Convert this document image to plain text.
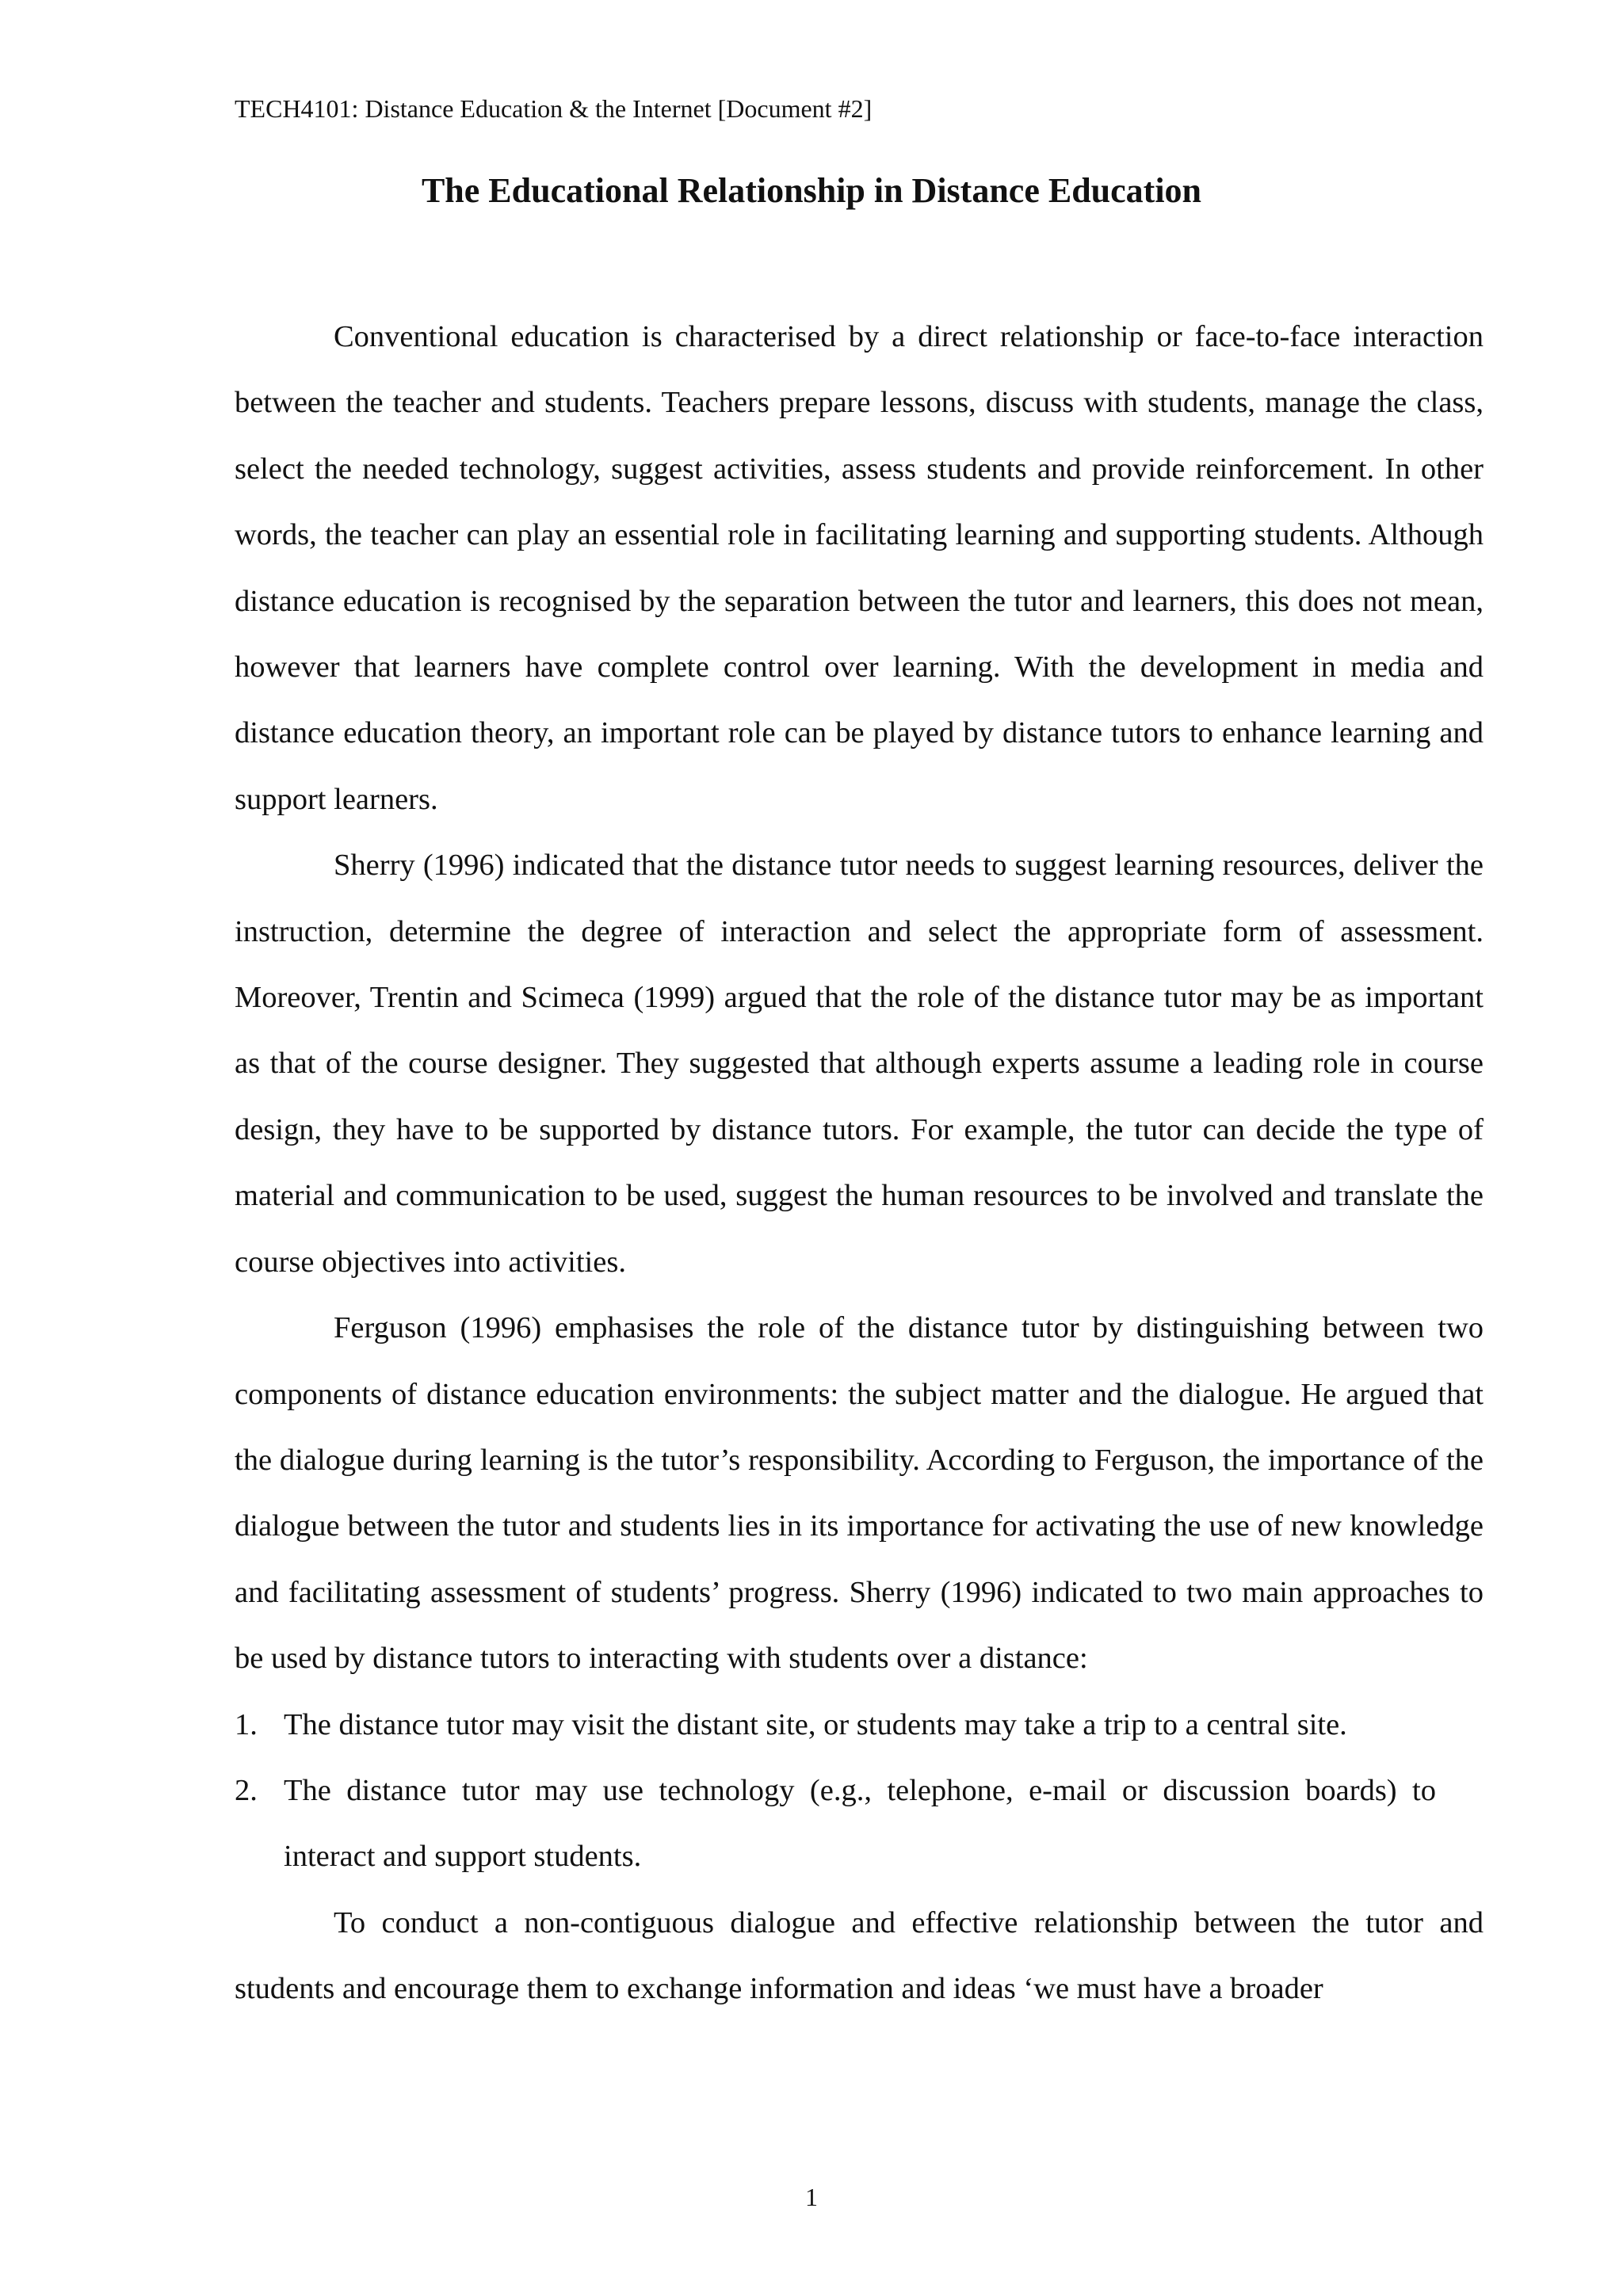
TECH4101: Distance Education & the Internet [Document #2]
The Educational Relationship in Distance Education

Conventional education is characterised by a direct relationship or face-to-face interaction between the teacher and students. Teachers prepare lessons, discuss with students, manage the class, select the needed technology, suggest activities, assess students and provide reinforcement. In other words, the teacher can play an essential role in facilitating learning and supporting students. Although distance education is recognised by the separation between the tutor and learners, this does not mean, however that learners have complete control over learning. With the development in media and distance education theory, an important role can be played by distance tutors to enhance learning and support learners.

Sherry (1996) indicated that the distance tutor needs to suggest learning resources, deliver the instruction, determine the degree of interaction and select the appropriate form of assessment. Moreover, Trentin and Scimeca (1999) argued that the role of the distance tutor may be as important as that of the course designer. They suggested that although experts assume a leading role in course design, they have to be supported by distance tutors. For example, the tutor can decide the type of material and communication to be used, suggest the human resources to be involved and translate the course objectives into activities.

Ferguson (1996) emphasises the role of the distance tutor by distinguishing between two components of distance education environments: the subject matter and the dialogue. He argued that the dialogue during learning is the tutor’s responsibility. According to Ferguson, the importance of the dialogue between the tutor and students lies in its importance for activating the use of new knowledge and facilitating assessment of students’ progress. Sherry (1996) indicated to two main approaches to be used by distance tutors to interacting with students over a distance:

1. The distance tutor may visit the distant site, or students may take a trip to a central site.
2. The distance tutor may use technology (e.g., telephone, e-mail or discussion boards) to interact and support students.

To conduct a non-contiguous dialogue and effective relationship between the tutor and students and encourage them to exchange information and ideas ‘we must have a broader

1
